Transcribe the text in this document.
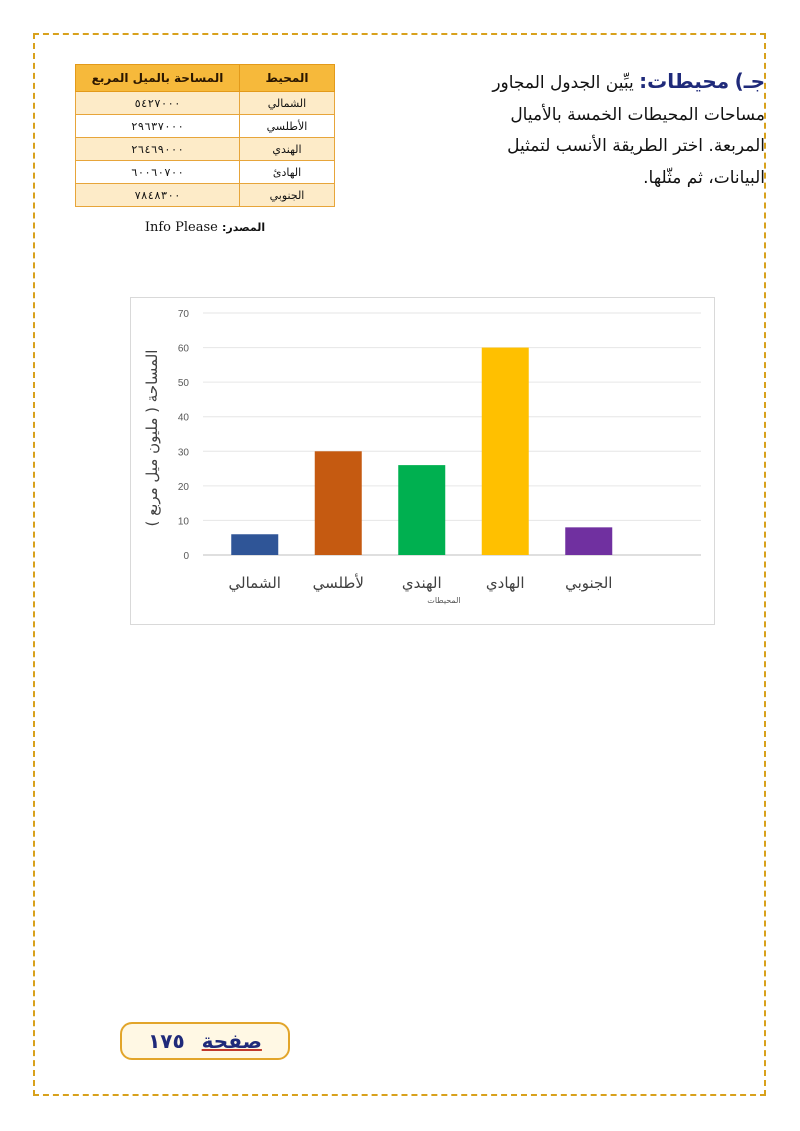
جـ) محيطات: يبِّين الجدول المجاور مساحات المحيطات الخمسة بالأميال المربعة. اختر الطريقة الأنسب لتمثيل البيانات، ثم مثّلها.
المحيط	المساحة بالميل المربع
الشمالي	٥٤٢٧٠٠٠
الأطلسي	٢٩٦٣٧٠٠٠
الهندي	٢٦٤٦٩٠٠٠
الهادئ	٦٠٠٦٠٧٠٠
الجنوبي	٧٨٤٨٣٠٠
المصدر: Info Please
0
10
20
30
40
50
60
70
الشمالي لأطلسي	الهندي	الهادي	الجنوبي
المحيطات
المساحة ( مليون ميل مربع )
صفحة ١٧٥
